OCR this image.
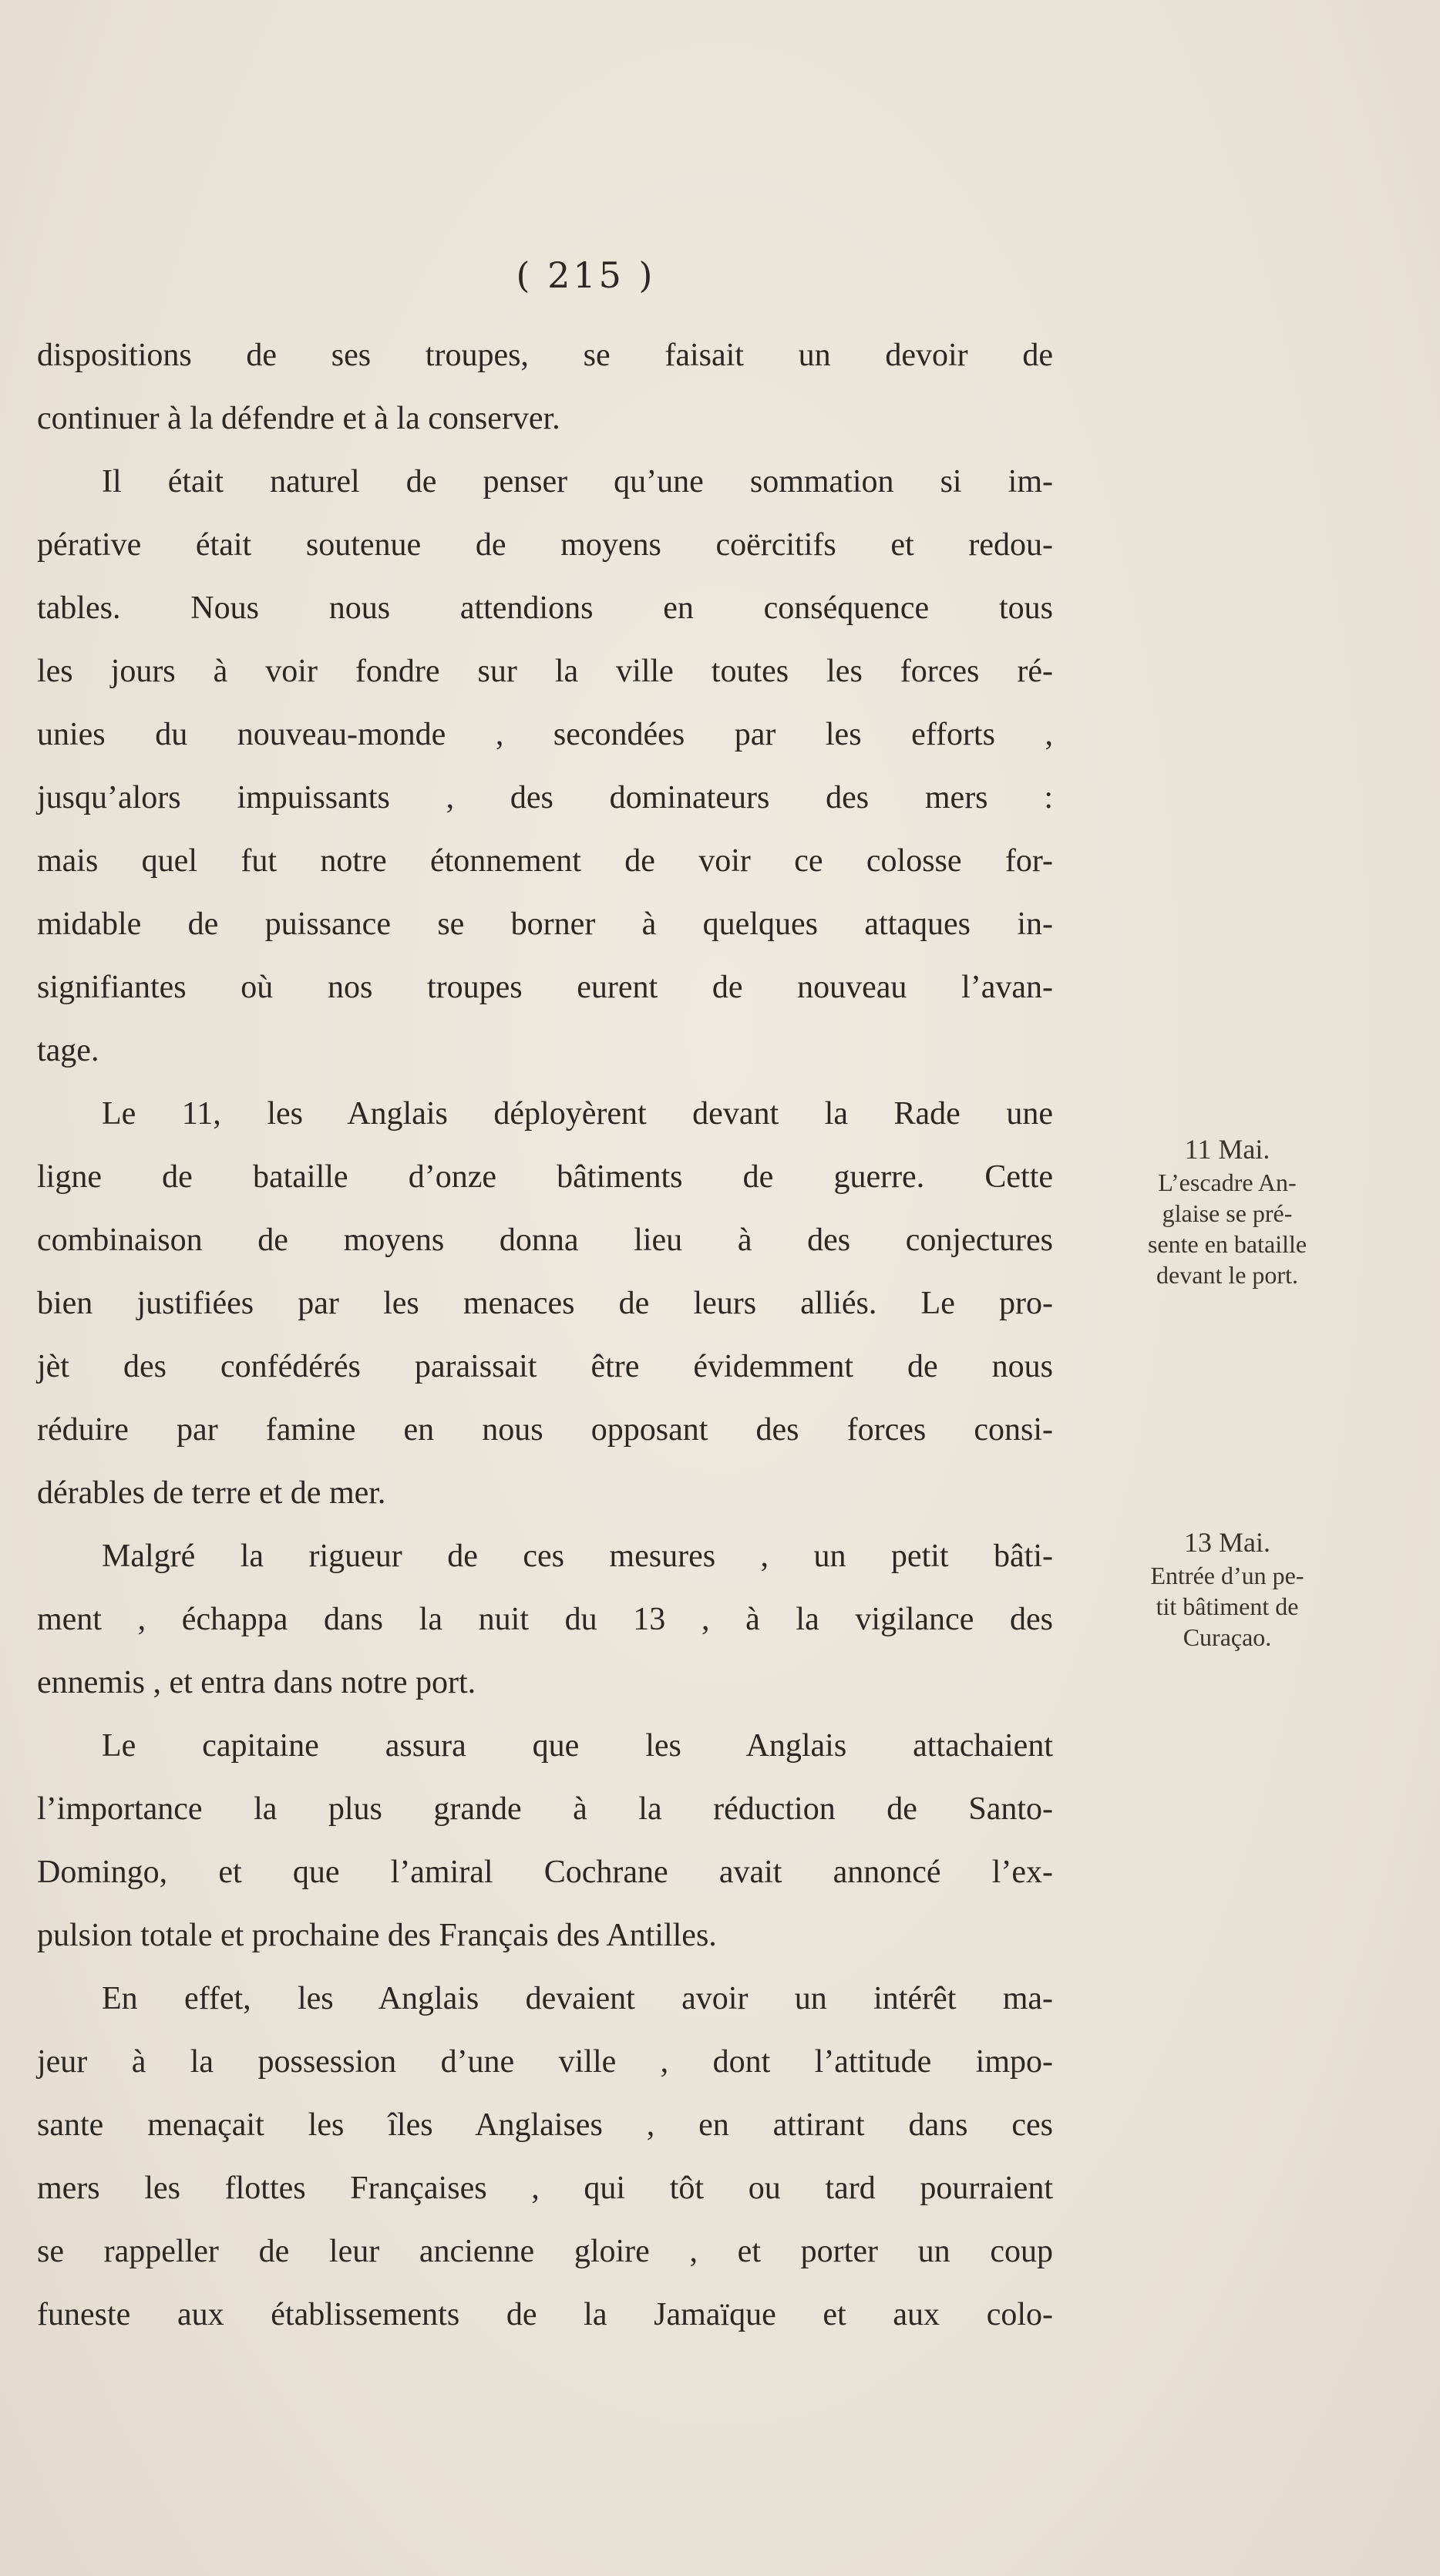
( 215 )
dispositions de ses troupes, se faisait un devoir de
continuer à la défendre et à la conserver.
Il était naturel de penser qu’une sommation si im-
pérative était soutenue de moyens coërcitifs et redou-
tables. Nous nous attendions en conséquence tous
les jours à voir fondre sur la ville toutes les forces ré-
unies du nouveau-monde , secondées par les efforts ,
jusqu’alors impuissants , des dominateurs des mers :
mais quel fut notre étonnement de voir ce colosse for-
midable de puissance se borner à quelques attaques in-
signifiantes où nos troupes eurent de nouveau l’avan-
tage.
Le 11, les Anglais déployèrent devant la Rade une
ligne de bataille d’onze bâtiments de guerre. Cette
combinaison de moyens donna lieu à des conjectures
bien justifiées par les menaces de leurs alliés. Le pro-
jèt des confédérés paraissait être évidemment de nous
réduire par famine en nous opposant des forces consi-
dérables de terre et de mer.
Malgré la rigueur de ces mesures , un petit bâti-
ment , échappa dans la nuit du 13 , à la vigilance des
ennemis , et entra dans notre port.
Le capitaine assura que les Anglais attachaient
l’importance la plus grande à la réduction de Santo-
Domingo, et que l’amiral Cochrane avait annoncé l’ex-
pulsion totale et prochaine des Français des Antilles.
En effet, les Anglais devaient avoir un intérêt ma-
jeur à la possession d’une ville , dont l’attitude impo-
sante menaçait les îles Anglaises , en attirant dans ces
mers les flottes Françaises , qui tôt ou tard pourraient
se rappeller de leur ancienne gloire , et porter un coup
funeste aux établissements de la Jamaïque et aux colo-
11 Mai.
L’escadre An-
glaise se pré-
sente en bataille
devant le port.
13 Mai.
Entrée d’un pe-
tit bâtiment de
Curaçao.
